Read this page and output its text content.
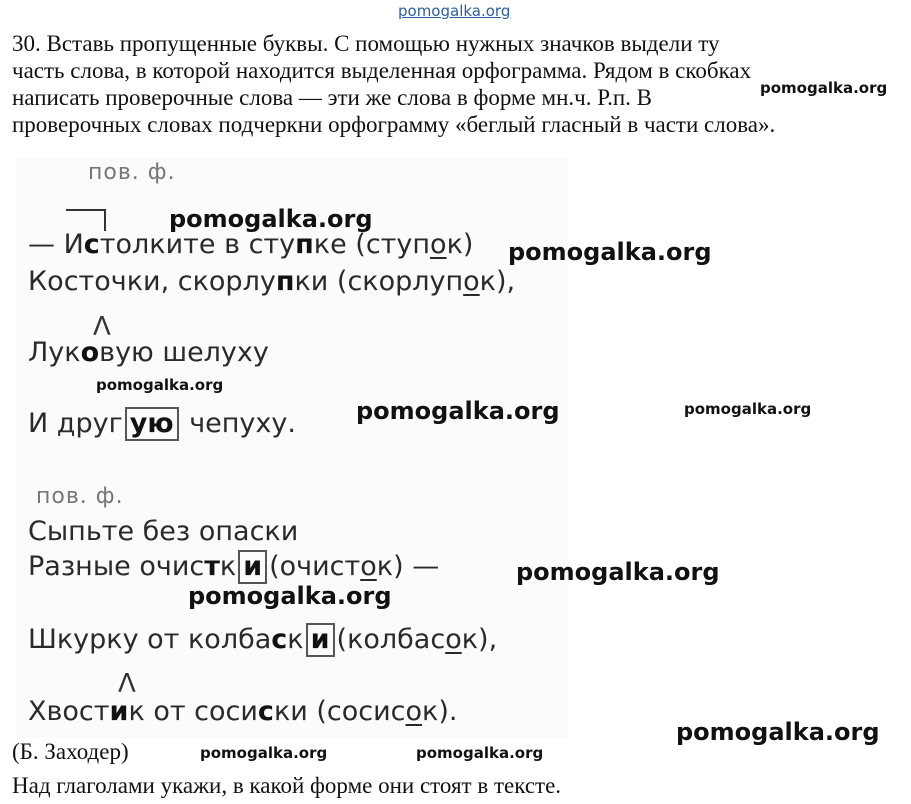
pomogalka.org
30. Вставь пропущенные буквы. С помощью нужных значков выдели ту
часть слова, в которой находится выделенная орфограмма. Рядом в скобках
написать проверочные слова — эти же слова в форме мн.ч. Р.п. В
проверочных словах подчеркни орфограмму «беглый гласный в части слова».
пов. ф.
— Истолките в ступке (ступок)
Косточки, скорлупки (скорлупок),
Λ
Луковую шелуху
И друг ую чепуху.
пов. ф.
Сыпьте без опаски
Разные очистк и (очисток) —
Шкурку от колбаск и (колбасок),
Λ
Хвостик от сосиски (сосисок).
(Б. Заходер)
Над глаголами укажи, в какой форме они стоят в тексте.
pomogalka.org
pomogalka.org
pomogalka.org
pomogalka.org
pomogalka.org	pomogalka.org
pomogalka.org
pomogalka.org
pomogalka.org
pomogalka.org	pomogalka.org
